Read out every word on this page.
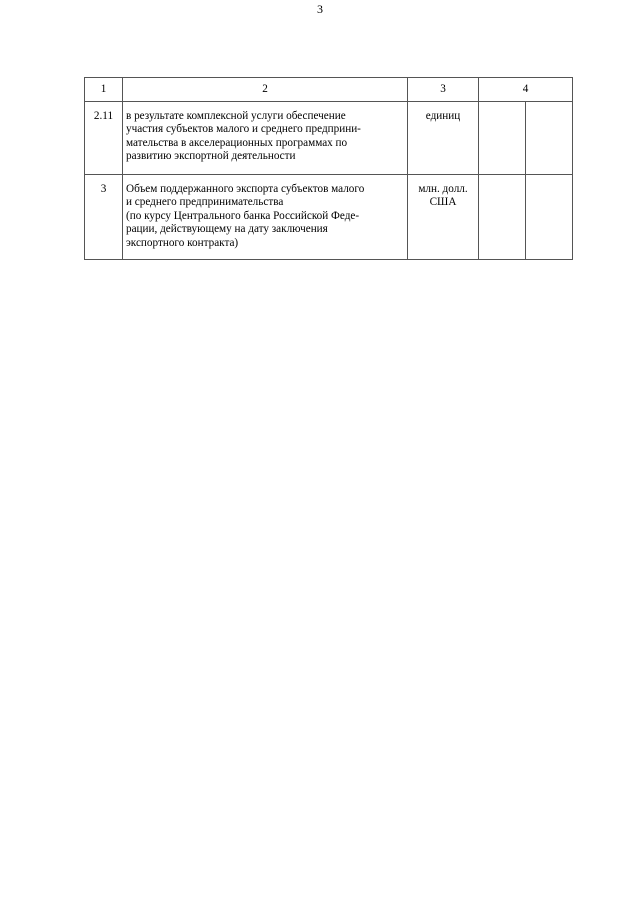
3
1	2	3	4	
2.11	в результате комплексной услуги обеспечение
участия субъектов малого и среднего предприни-
мательства в акселерационных программах по
развитию экспортной деятельности	единиц		

3	Объем поддержанного экспорта субъектов малого
и среднего предпринимательства
(по курсу Центрального банка Российской Феде-
рации, действующему на дату заключения
экспортного контракта)	млн. долл.
США		
